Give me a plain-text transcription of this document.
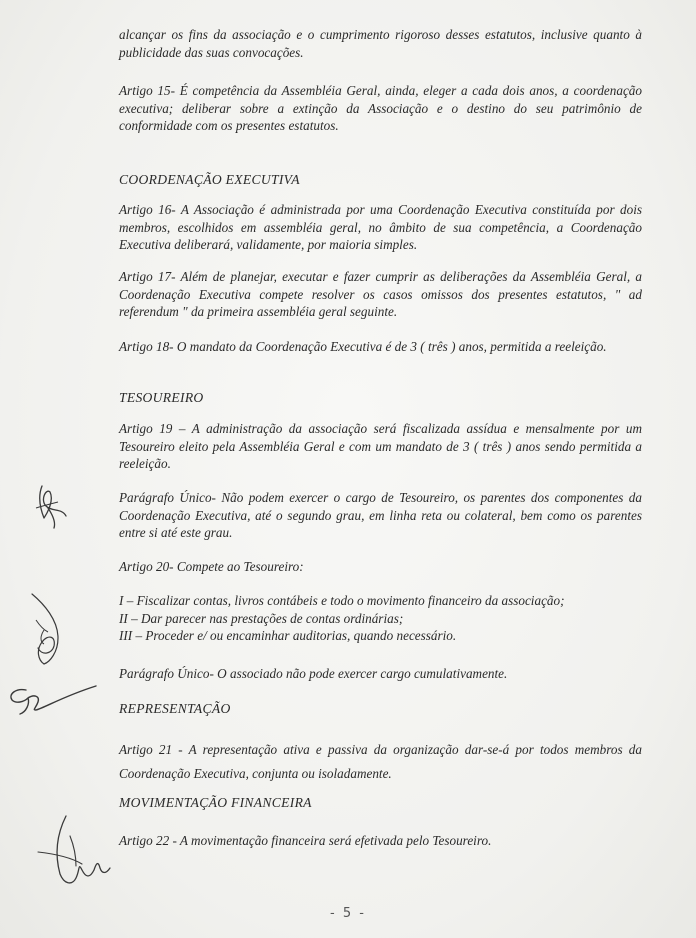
alcançar os fins da associação e o cumprimento rigoroso desses estatutos, inclusive quanto à publicidade das suas convocações.

Artigo 15- É competência da Assembléia Geral, ainda, eleger a cada dois anos, a coordenação executiva; deliberar sobre a extinção da Associação e o destino do seu patrimônio de conformidade com os presentes estatutos.

COORDENAÇÃO EXECUTIVA

Artigo 16- A Associação é administrada por uma Coordenação Executiva constituída por dois membros, escolhidos em assembléia geral, no âmbito de sua competência, a Coordenação Executiva deliberará, validamente, por maioria simples.

Artigo 17- Além de planejar, executar e fazer cumprir as deliberações da Assembléia Geral, a Coordenação Executiva compete resolver os casos omissos dos presentes estatutos, " ad referendum " da primeira assembléia geral seguinte.

Artigo 18- O mandato da Coordenação Executiva é de 3 ( três ) anos, permitida a reeleição.

TESOUREIRO

Artigo 19 – A administração da associação será fiscalizada assídua e mensalmente por um Tesoureiro eleito pela Assembléia Geral e com um mandato de 3 ( três ) anos sendo permitida a reeleição.

Parágrafo Único- Não podem exercer o cargo de Tesoureiro, os parentes dos componentes da Coordenação Executiva, até o segundo grau, em linha reta ou colateral, bem como os parentes entre si até este grau.

Artigo 20- Compete ao Tesoureiro:

I – Fiscalizar contas, livros contábeis e todo o movimento financeiro da associação;
II – Dar parecer nas prestações de contas ordinárias;
III – Proceder e/ ou encaminhar auditorias, quando necessário.

Parágrafo Único- O associado não pode exercer cargo cumulativamente.

REPRESENTAÇÃO

Artigo 21 - A representação ativa e passiva da organização dar-se-á por todos membros da Coordenação Executiva, conjunta ou isoladamente.

MOVIMENTAÇÃO FINANCEIRA

Artigo 22 - A movimentação financeira será efetivada pelo Tesoureiro.

- 5 -
